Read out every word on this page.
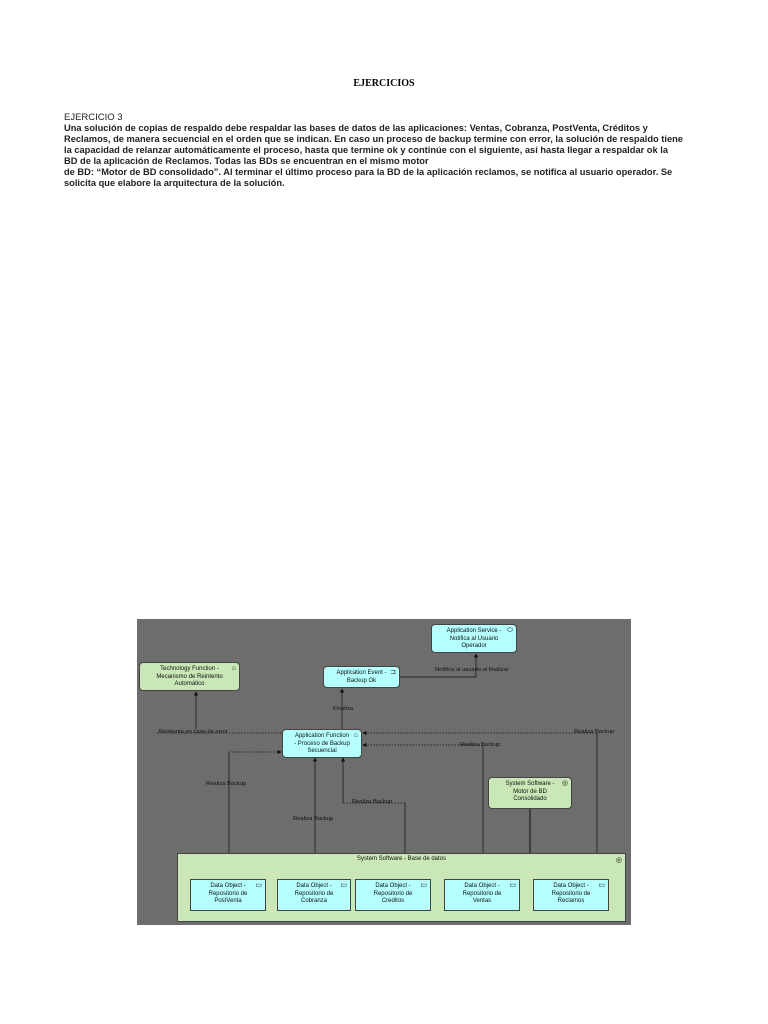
EJERCICIOS
EJERCICIO 3
Una solución de copias de respaldo debe respaldar las bases de datos de las aplicaciones: Ventas, Cobranza, PostVenta, Créditos y
Reclamos, de manera secuencial en el orden que se indican. En caso un proceso de backup termine con error, la solución de respaldo tiene
la capacidad de relanzar automáticamente el proceso, hasta que termine ok y continúe con el siguiente, así hasta llegar a respaldar ok la
BD de la aplicación de Reclamos. Todas las BDs se encuentran en el mismo motor
de BD: “Motor de BD consolidado”. Al terminar el último proceso para la BD de la aplicación reclamos, se notifica al usuario operador. Se
solicita que elabore la arquitectura de la solución.
⬭
Application Service -
Notifica al Usuario
Operador
⊐
Application Event -
Backup Ok
⌂
Technology Function -
Mecanismo de Reintento
Automático
⌂
Application Function
- Proceso de Backup
Secuencial
◎
System Software -
Motor de BD
Consolidado
System Software - Base de datos	◎
▭
Data Object -
Repositorio de
PostVenta
▭
Data Object -
Repositorio de
Cobranza
▭
Data Object -
Repositorio de
Creditos
▭
Data Object -
Repositorio de
Ventas
▭
Data Object -
Repositorio de
Reclamos
Notifica al usuario al finalizar
Finaliza
Reintenta en caso de error	Realiza Backup
Realiza Backup
Realiza Backup
Realiza Backup
Realiza Backup
